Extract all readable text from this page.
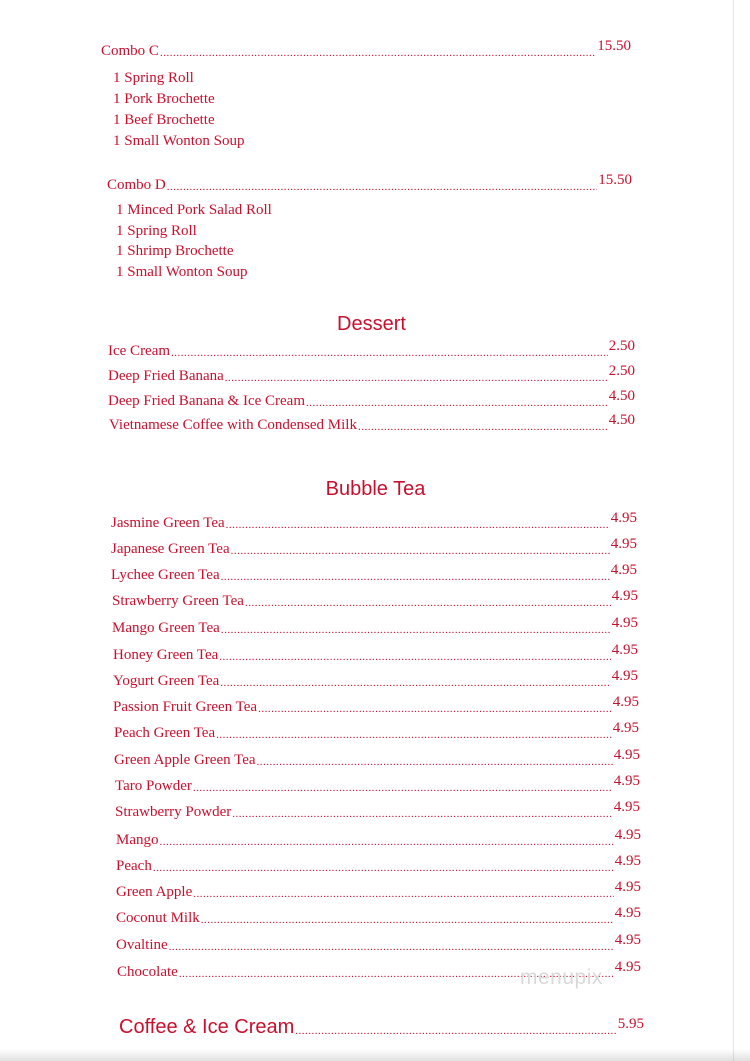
Combo C .....	15.50
1 Spring Roll
1 Pork Brochette
1 Beef Brochette
1 Small Wonton Soup
Combo D .....	15.50
1 Minced Pork Salad Roll
1 Spring Roll
1 Shrimp Brochette
1 Small Wonton Soup
Dessert
Ice Cream .....	2.50
Deep Fried Banana .....	2.50
Deep Fried Banana & Ice Cream .....	4.50
Vietnamese Coffee with Condensed Milk .....	4.50
Bubble Tea
Jasmine Green Tea .....	4.95
Japanese Green Tea .....	4.95
Lychee Green Tea .....	4.95
Strawberry Green Tea .....	4.95
Mango Green Tea .....	4.95
Honey Green Tea .....	4.95
Yogurt Green Tea .....	4.95
Passion Fruit Green Tea .....	4.95
Peach Green Tea .....	4.95
Green Apple Green Tea .....	4.95
Taro Powder .....	4.95
Strawberry Powder .....	4.95
Mango .....	4.95
Peach .....	4.95
Green Apple .....	4.95
Coconut Milk .....	4.95
Ovaltine .....	4.95
Chocolate .....	4.95
Coffee & Ice Cream .....	5.95
menupix
